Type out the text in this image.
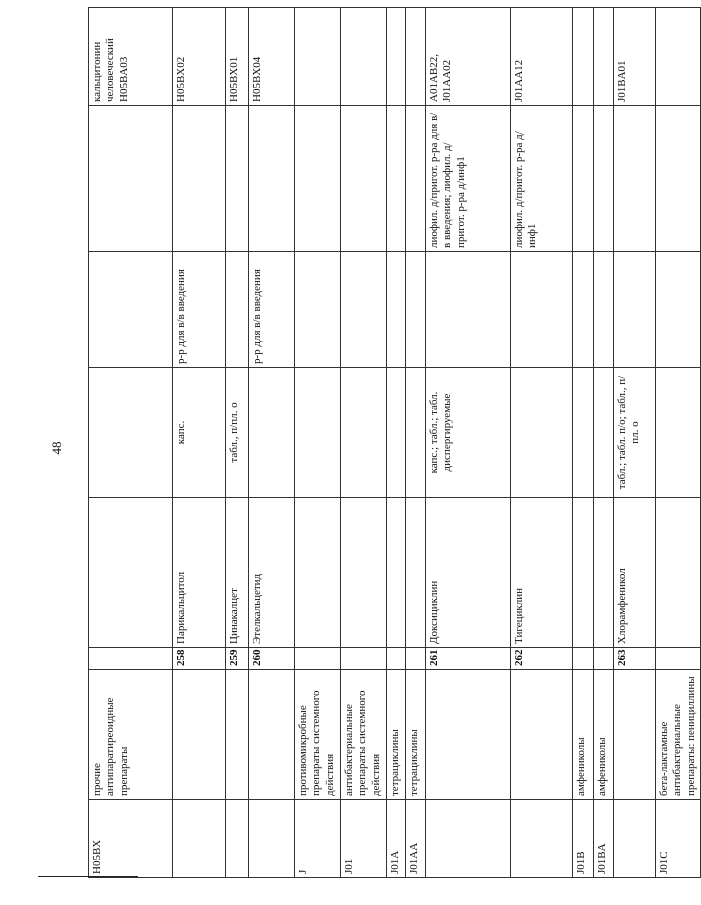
48
H05BX	прочие антипаратиреоидные препараты						кальцитонин человеческий H05BA03
		258	Парикальцитол	капс.	р-р для в/в введения		H05BX02
		259	Цинакалцет	табл., п/пл. о			H05BX01
		260	Этелкальцетид		р-р для в/в введения		H05BX04
J	противомикробные препараты системного действия						
J01	антибактериальные препараты системного действия						
J01A	тетрациклины						
J01AA	тетрациклины						
		261	Доксициклин	капс.; табл.; табл. диспергируемые		лиофил. д/пригот. р-ра для в/в введения; лиофил. д/пригот. р-ра д/инф1	A01AB22, J01AA02
		262	Тигециклин			лиофил. д/пригот. р-ра д/инф1	J01AA12
J01B	амфениколы						
J01BA	амфениколы						
		263	Хлорамфеникол	табл.; табл. п/о; табл., п/пл. о			J01BA01
J01C	бета-лактамные антибактериальные препараты: пенициллины						
